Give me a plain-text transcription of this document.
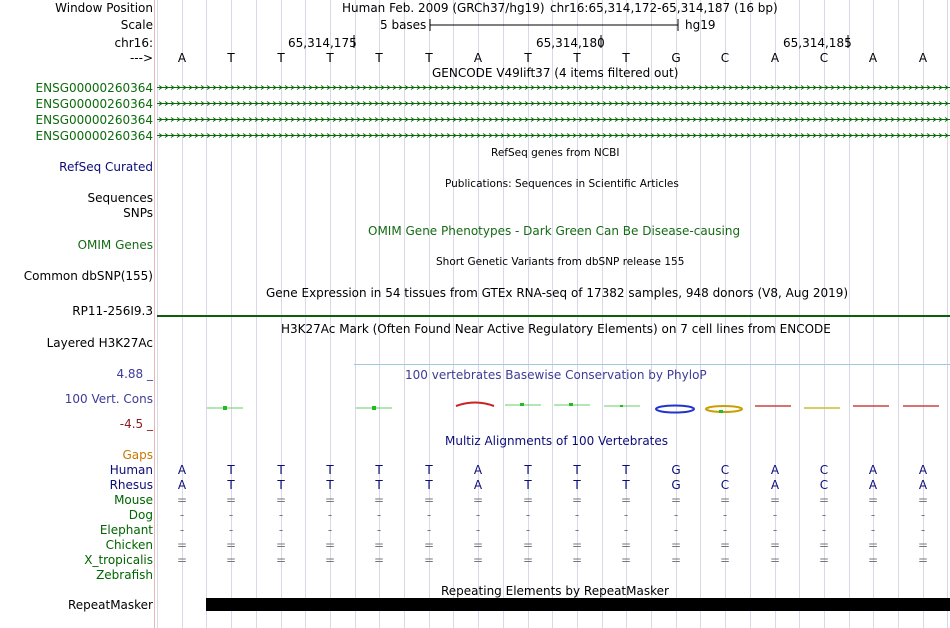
Window Position	Human Feb. 2009 (GRCh37/hg19) chr16:65,314,172-65,314,187 (16 bp)
Scale	5 bases	hg19
chr16:	65,314,175	65,314,180	65,314,185
--->	A	T	T	T	T	T	A	T	T	T	G	C	A	C	A	A
GENCODE V49lift37 (4 items filtered out)
ENSG00000260364
ENSG00000260364
ENSG00000260364
ENSG00000260364
RefSeq genes from NCBI
RefSeq Curated
Publications: Sequences in Scientific Articles
Sequences
SNPs
OMIM Gene Phenotypes - Dark Green Can Be Disease-causing
OMIM Genes
Short Genetic Variants from dbSNP release 155
Common dbSNP(155)
Gene Expression in 54 tissues from GTEx RNA-seq of 17382 samples, 948 donors (V8, Aug 2019)
RP11-256I9.3
H3K27Ac Mark (Often Found Near Active Regulatory Elements) on 7 cell lines from ENCODE
Layered H3K27Ac
4.88 _	100 vertebrates Basewise Conservation by PhyloP
100 Vert. Cons
-4.5 _
Multiz Alignments of 100 Vertebrates
Gaps
Human	A	T	T	T	T	T	A	T	T	T	G	C	A	C	A	A
Rhesus	A	T	T	T	T	T	A	T	T	T	G	C	A	C	A	A
Mouse	=	=	=	=	=	=	=	=	=	=	=	=	=	=	=	=
Dog	-	-	-	-	-	-	-	-	-	-	-	-	-	-	-	-
Elephant	-	-	-	-	-	-	-	-	-	-	-	-	-	-	-	-
Chicken	=	=	=	=	=	=	=	=	=	=	=	=	=	=	=	=
X_tropicalis	=	=	=	=	=	=	=	=	=	=	=	=	=	=	=	=
Zebrafish
Repeating Elements by RepeatMasker
RepeatMasker
